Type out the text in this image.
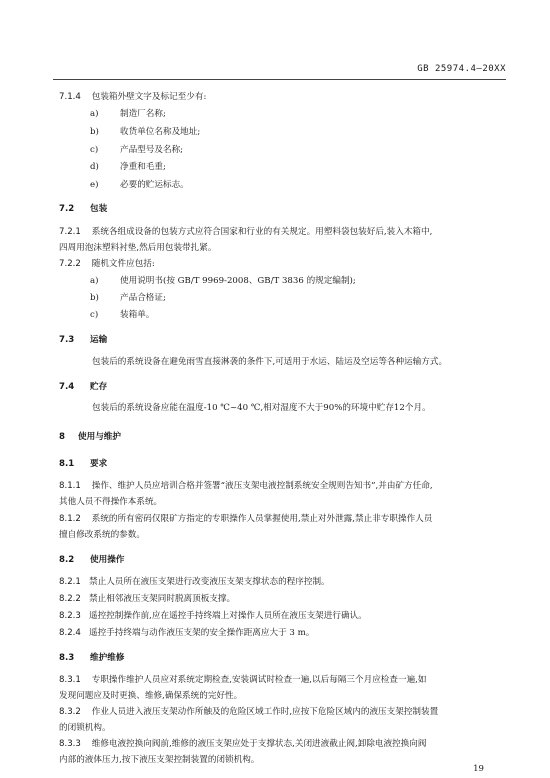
GB 25974.4—20XX
7.1.4 包装箱外壁文字及标记至少有:
a)	制造厂名称;
b) 收货单位名称及地址;
c)	产品型号及名称;
d) 净重和毛重;
e)	必要的贮运标志。
7.2 包装
7.2.1 系统各组成设备的包装方式应符合国家和行业的有关规定。用塑料袋包装好后,装入木箱中,
四周用泡沫塑料衬垫,然后用包装带扎紧。
7.2.2 随机文件应包括:
a)	使用说明书(按 GB/T 9969-2008、GB/T 3836 的规定编制);
b) 产品合格证;
c)	装箱单。
7.3 运输
包装后的系统设备在避免雨雪直接淋袭的条件下,可适用于水运、陆运及空运等各种运输方式。
7.4 贮存
包装后的系统设备应能在温度-10 ℃~40 ℃,相对湿度不大于90%的环境中贮存12个月。
8 使用与维护
8.1 要求
8.1.1 操作、维护人员应培训合格并签署“液压支架电液控制系统安全规则告知书”,并由矿方任命,
其他人员不得操作本系统。
8.1.2 系统的所有密码仅限矿方指定的专职操作人员掌握使用,禁止对外泄露,禁止非专职操作人员
擅自修改系统的参数。
8.2 使用操作
8.2.1 禁止人员所在液压支架进行改变液压支架支撑状态的程序控制。
8.2.2 禁止相邻液压支架同时脱离顶板支撑。
8.2.3 遥控控制操作前,应在遥控手持终端上对操作人员所在液压支架进行确认。
8.2.4 遥控手持终端与动作液压支架的安全操作距离应大于 3 m。
8.3 维护维修
8.3.1 专职操作维护人员应对系统定期检查,安装调试时检查一遍,以后每隔三个月应检查一遍,如
发现问题应及时更换、维修,确保系统的完好性。
8.3.2 作业人员进入液压支架动作所触及的危险区域工作时,应按下危险区域内的液压支架控制装置
的闭锁机构。
8.3.3 维修电液控换向阀前,维修的液压支架应处于支撑状态,关闭进液截止阀,卸除电液控换向阀
内部的液体压力,按下液压支架控制装置的闭锁机构。
19
